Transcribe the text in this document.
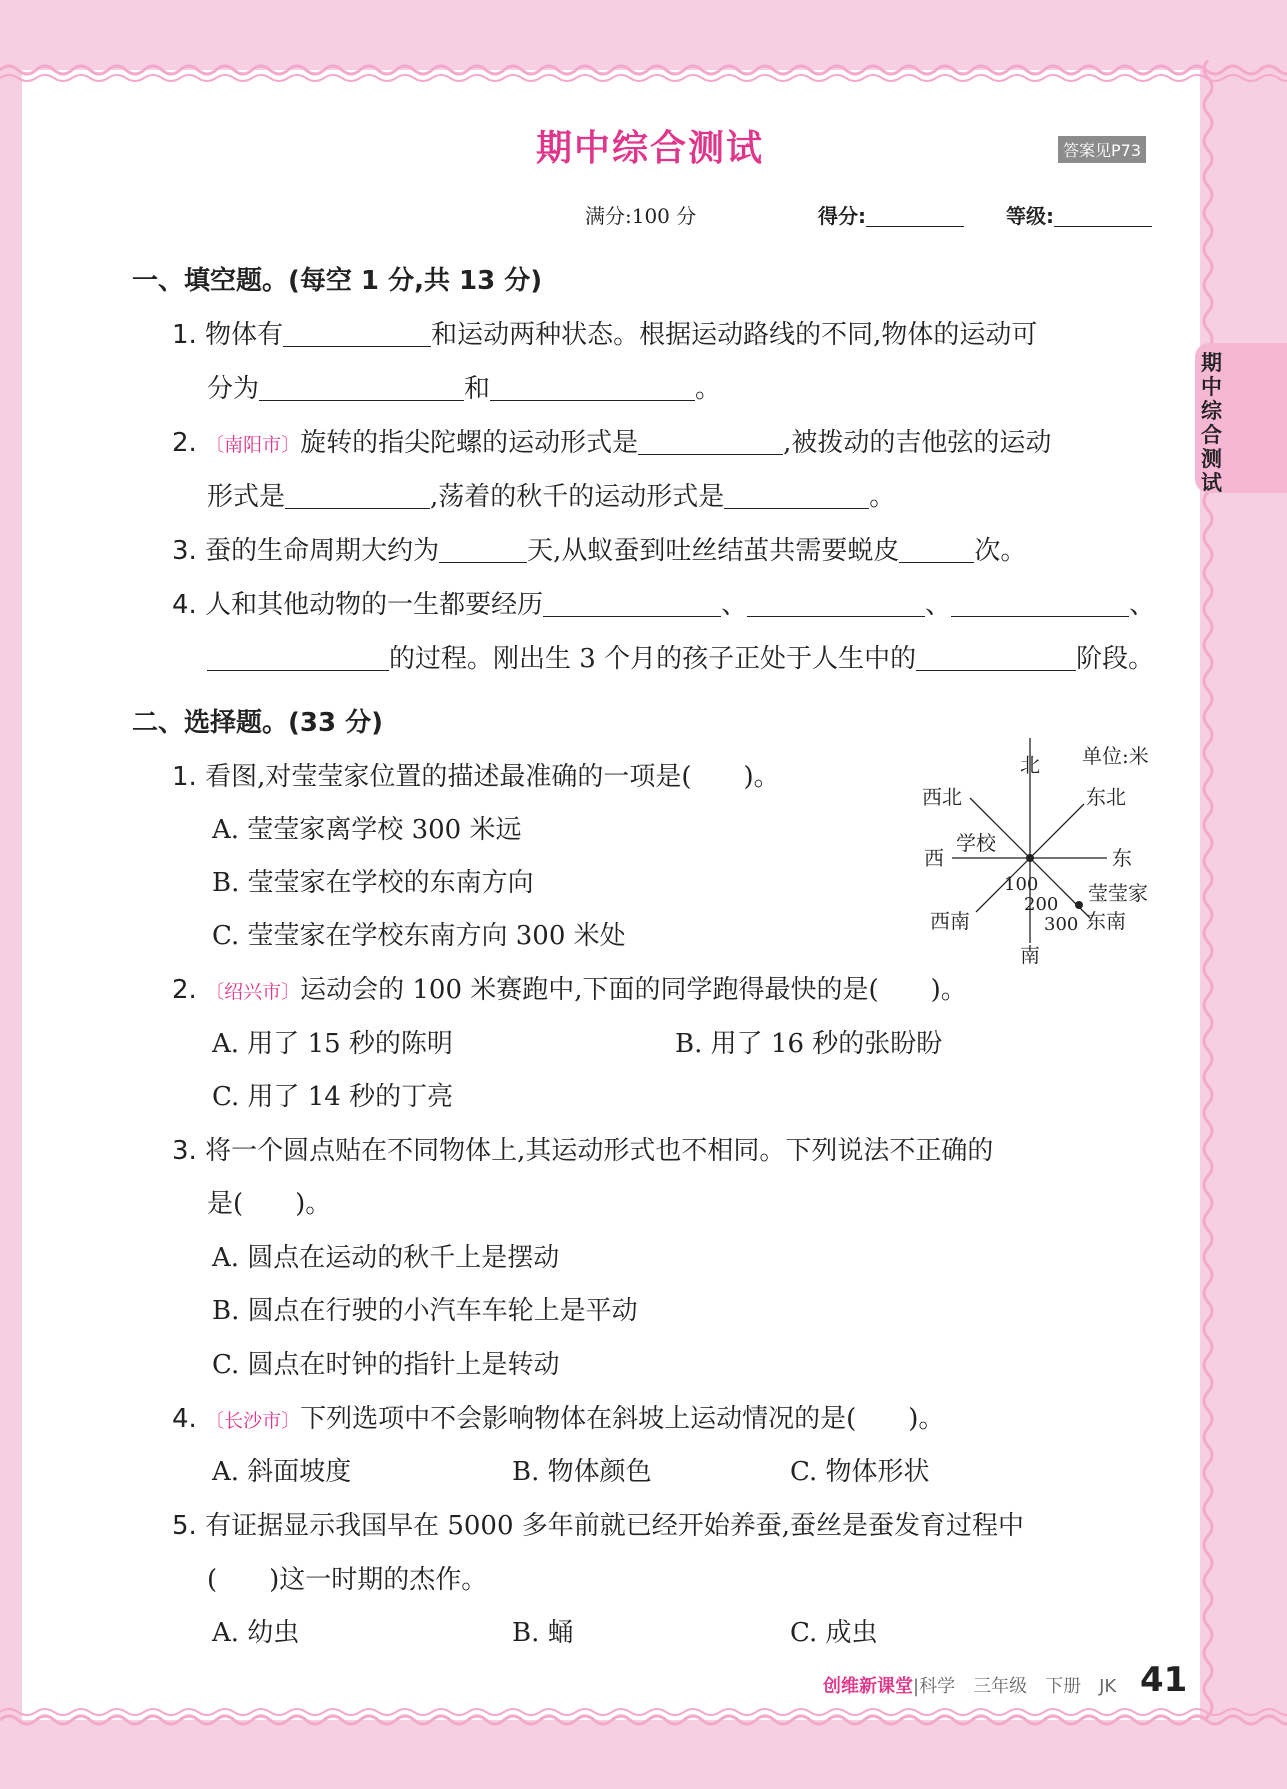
期中综合测试	答案见P73
满分:100 分	得分:	等级:
期中综合测试
一、填空题。(每空 1 分,共 13 分)
1. 物体有	和运动两种状态。根据运动路线的不同,物体的运动可
分为	和	。
2. 〔南阳市〕旋转的指尖陀螺的运动形式是	,被拨动的吉他弦的运动
形式是	,荡着的秋千的运动形式是	。
3. 蚕的生命周期大约为	天,从蚁蚕到吐丝结茧共需要蜕皮	次。
4. 人和其他动物的一生都要经历	、	、	、
的过程。刚出生 3 个月的孩子正处于人生中的	阶段。
二、选择题。(33 分)
1. 看图,对莹莹家位置的描述最准确的一项是(　　)。
A. 莹莹家离学校 300 米远
B. 莹莹家在学校的东南方向
C. 莹莹家在学校东南方向 300 米处
单位:米
北
南
东
西
东北
西北
东南
西南
学校
莹莹家
100
200
300
2. 〔绍兴市〕运动会的 100 米赛跑中,下面的同学跑得最快的是(　　)。
A. 用了 15 秒的陈明	B. 用了 16 秒的张盼盼
C. 用了 14 秒的丁亮
3. 将一个圆点贴在不同物体上,其运动形式也不相同。下列说法不正确的
是(　　)。
A. 圆点在运动的秋千上是摆动
B. 圆点在行驶的小汽车车轮上是平动
C. 圆点在时钟的指针上是转动
4. 〔长沙市〕下列选项中不会影响物体在斜坡上运动情况的是(　　)。
A. 斜面坡度	B. 物体颜色	C. 物体形状
5. 有证据显示我国早在 5000 多年前就已经开始养蚕,蚕丝是蚕发育过程中
(　　)这一时期的杰作。
A. 幼虫	B. 蛹	C. 成虫
创维新课堂|科学　三年级　下册　JK 41
